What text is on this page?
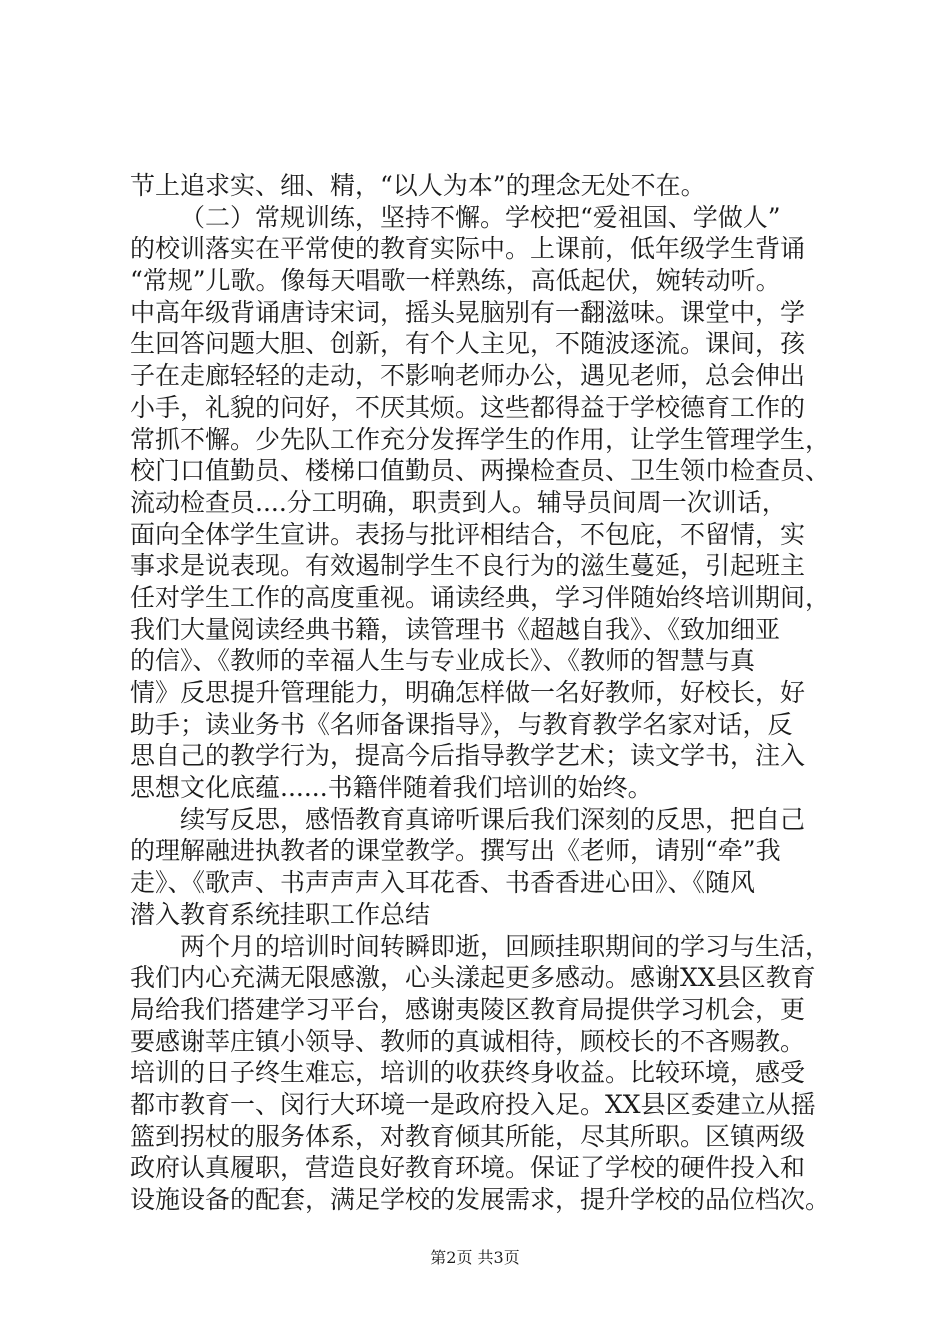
节上追求实、细、精，“以人为本”的理念无处不在。
（二）常规训练，坚持不懈。学校把“爱祖国、学做人”
的校训落实在平常使的教育实际中。上课前，低年级学生背诵
“常规”儿歌。像每天唱歌一样熟练，高低起伏，婉转动听。
中高年级背诵唐诗宋词，摇头晃脑别有一翻滋味。课堂中，学
生回答问题大胆、创新，有个人主见，不随波逐流。课间，孩
子在走廊轻轻的走动，不影响老师办公，遇见老师，总会伸出
小手，礼貌的问好，不厌其烦。这些都得益于学校德育工作的
常抓不懈。少先队工作充分发挥学生的作用，让学生管理学生，
校门口值勤员、楼梯口值勤员、两操检查员、卫生领巾检查员、
流动检查员....分工明确，职责到人。辅导员间周一次训话，
面向全体学生宣讲。表扬与批评相结合，不包庇，不留情，实
事求是说表现。有效遏制学生不良行为的滋生蔓延，引起班主
任对学生工作的高度重视。诵读经典，学习伴随始终培训期间，
我们大量阅读经典书籍，读管理书《超越自我》、《致加细亚
的信》、《教师的幸福人生与专业成长》、《教师的智慧与真
情》反思提升管理能力，明确怎样做一名好教师，好校长，好
助手；读业务书《名师备课指导》，与教育教学名家对话，反
思自己的教学行为，提高今后指导教学艺术；读文学书，注入
思想文化底蕴......书籍伴随着我们培训的始终。
续写反思，感悟教育真谛听课后我们深刻的反思，把自己
的理解融进执教者的课堂教学。撰写出《老师，请别“牵”我
走》、《歌声、书声声声入耳花香、书香香进心田》、《随风
潜入教育系统挂职工作总结
两个月的培训时间转瞬即逝，回顾挂职期间的学习与生活，
我们内心充满无限感激，心头漾起更多感动。感谢XX县区教育
局给我们搭建学习平台，感谢夷陵区教育局提供学习机会，更
要感谢莘庄镇小领导、教师的真诚相待，顾校长的不吝赐教。
培训的日子终生难忘，培训的收获终身收益。比较环境，感受
都市教育一、闵行大环境一是政府投入足。XX县区委建立从摇
篮到拐杖的服务体系，对教育倾其所能，尽其所职。区镇两级
政府认真履职，营造良好教育环境。保证了学校的硬件投入和
设施设备的配套，满足学校的发展需求，提升学校的品位档次。
第2页 共3页
